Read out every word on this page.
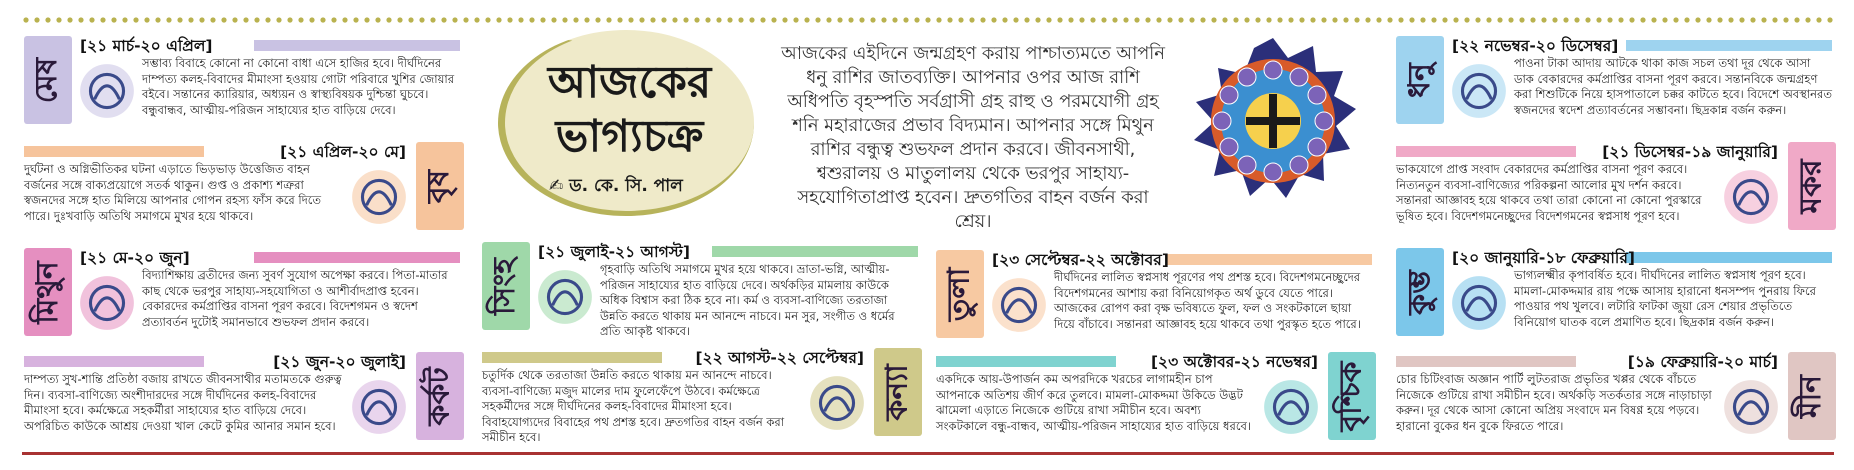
আজকের
ভাগ্যচক্র
✍ ড. কে. সি. পাল
আজকের এইদিনে জন্মগ্রহণ করায় পাশ্চাত্যমতে আপনি ধনু রাশির জাতব্যক্তি। আপনার ওপর আজ রাশি অধিপতি বৃহস্পতি সর্বগ্রাসী গ্রহ রাহু ও পরমযোগী গ্রহ শনি মহারাজের প্রভাব বিদ্যমান। আপনার সঙ্গে মিথুন রাশির বন্ধুত্ব শুভফল প্রদান করবে। জীবনসাথী, শ্বশুরালয় ও মাতুলালয় থেকে ভরপুর সাহায্য-সহযোগিতাপ্রাপ্ত হবেন। দ্রুতগতির বাহন বর্জন করা শ্রেয়।
মেষ
[২১ মার্চ-২০ এপ্রিল]
সম্ভাব্য বিবাহে কোনো না কোনো বাধা এসে হাজির হবে। দীর্ঘদিনের দাম্পত্য কলহ-বিবাদের মীমাংসা হওয়ায় গোটা পরিবারে খুশির জোয়ার বইবে। সন্তানের ক্যারিয়ার, অধ্যয়ন ও স্বাস্থ্যবিষয়ক দুশ্চিন্তা ঘুচবে। বন্ধুবান্ধব, আত্মীয়-পরিজন সাহায্যের হাত বাড়িয়ে দেবে।
বৃষ
[২১ এপ্রিল-২০ মে]
দুর্ঘটনা ও অগ্নিভীতিকর ঘটনা এড়াতে ভিড়ভাড় উত্তেজিত বাহন বর্জনের সঙ্গে বাক্যপ্রয়োগে সতর্ক থাকুন। গুপ্ত ও প্রকাশ্য শত্রুরা স্বজনদের সঙ্গে হাত মিলিয়ে আপনার গোপন রহস্য ফাঁস করে দিতে পারে। দুঃখবাড়ি অতিথি সমাগমে মুখর হয়ে থাকবে।
মিথুন
[২১ মে-২০ জুন]
বিদ্যাশিক্ষায় ব্রতীদের জন্য সুবর্ণ সুযোগ অপেক্ষা করবে। পিতা-মাতার কাছ থেকে ভরপুর সাহায্য-সহযোগিতা ও আশীর্বাদপ্রাপ্ত হবেন। বেকারদের কর্মপ্রাপ্তির বাসনা পূরণ করবে। বিদেশগমন ও স্বদেশ প্রত্যাবর্তন দুটোই সমানভাবে শুভফল প্রদান করবে।
কর্কট
[২১ জুন-২০ জুলাই]
দাম্পত্য সুখ-শান্তি প্রতিষ্ঠা বজায় রাখতে জীবনসাথীর মতামতকে গুরুত্ব দিন। ব্যবসা-বাণিজ্যে অংশীদারদের সঙ্গে দীর্ঘদিনের কলহ-বিবাদের মীমাংসা হবে। কর্মক্ষেত্রে সহকর্মীরা সাহায্যের হাত বাড়িয়ে দেবে। অপরিচিত কাউকে আশ্রয় দেওয়া খাল কেটে কুমির আনার সমান হবে।
সিংহ
[২১ জুলাই-২১ আগস্ট]
গৃহবাড়ি অতিথি সমাগমে মুখর হয়ে থাকবে। ভ্রাতা-ভগ্নি, আত্মীয়-পরিজন সাহায্যের হাত বাড়িয়ে দেবে। অর্থকড়ির মামলায় কাউকে অধিক বিশ্বাস করা ঠিক হবে না। কর্ম ও ব্যবসা-বাণিজ্যে তরতাজা উন্নতি করতে থাকায় মন আনন্দে নাচবে। মন সুর, সংগীত ও ধর্মের প্রতি আকৃষ্ট থাকবে।
কন্যা
[২২ আগস্ট-২২ সেপ্টেম্বর]
চতুর্দিক থেকে তরতাজা উন্নতি করতে থাকায় মন আনন্দে নাচবে। ব্যবসা-বাণিজ্যে মজুদ মালের দাম ফুলেফেঁপে উঠবে। কর্মক্ষেত্রে সহকর্মীদের সঙ্গে দীর্ঘদিনের কলহ-বিবাদের মীমাংসা হবে। বিবাহযোগ্যদের বিবাহের পথ প্রশস্ত হবে। দ্রুতগতির বাহন বর্জন করা সমীচীন হবে।
তুলা
[২৩ সেপ্টেম্বর-২২ অক্টোবর]
দীর্ঘদিনের লালিত স্বপ্নসাধ পূরণের পথ প্রশস্ত হবে। বিদেশগমনেচ্ছুদের বিদেশগমনের আশায় করা বিনিয়োগকৃত অর্থ ডুবে যেতে পারে। আজকের রোপণ করা বৃক্ষ ভবিষ্যতে ফুল, ফল ও সংকটকালে ছায়া দিয়ে বাঁচাবে। সন্তানরা আজ্ঞাবহ হয়ে থাকবে তথা পুরস্কৃত হতে পারে।
বৃশ্চিক
[২৩ অক্টোবর-২১ নভেম্বর]
একদিকে আয়-উপার্জন কম অপরদিকে খরচের লাগামহীন চাপ আপনাকে অতিশয় জীর্ণ করে তুলবে। মামলা-মোকদ্দমা উকিডে উদ্ভট ঝামেলা এড়াতে নিজেকে গুটিয়ে রাখা সমীচীন হবে। অবশ্য সংকটকালে বন্ধু-বান্ধব, আত্মীয়-পরিজন সাহায্যের হাত বাড়িয়ে ধরবে।
ধনু
[২২ নভেম্বর-২০ ডিসেম্বর]
পাওনা টাকা আদায় আটকে থাকা কাজ সচল তথা দূর থেকে আসা ডাক বেকারদের কর্মপ্রাপ্তির বাসনা পূরণ করবে। সন্তানবিকে জন্মগ্রহণ করা শিশুটিকে নিয়ে হাসপাতালে চক্কর কাটতে হবে। বিদেশে অবস্থানরত স্বজনদের স্বদেশ প্রত্যাবর্তনের সম্ভাবনা। ছিদ্রকান্ন বর্জন করুন।
মকর
[২১ ডিসেম্বর-১৯ জানুয়ারি]
ভাকযোগে প্রাপ্ত সংবাদ বেকারদের কর্মপ্রাপ্তির বাসনা পূরণ করবে। নিত্যনতুন ব্যবসা-বাণিজ্যের পরিকল্পনা আলোর মুখ দর্শন করবে। সন্তানরা আজ্ঞাবহ হয়ে থাকবে তথা তারা কোনো না কোনো পুরস্কারে ভূষিত হবে। বিদেশগমনেচ্ছুদের বিদেশগমনের স্বপ্নসাধ পূরণ হবে।
কুম্ভ
[২০ জানুয়ারি-১৮ ফেব্রুয়ারি]
ভাগ্যলক্ষ্মীর কৃপাবর্ষিত হবে। দীর্ঘদিনের লালিত স্বপ্নসাধ পূরণ হবে। মামলা-মোকদ্দমার রায় পক্ষে আসায় হারানো ধনসম্পদ পুনরায় ফিরে পাওয়ার পথ খুলবে। লটারি ফাটকা জুয়া রেস শেয়ার প্রভৃতিতে বিনিয়োগ ঘাতক বলে প্রমাণিত হবে। ছিদ্রকান্ন বর্জন করুন।
মীন
[১৯ ফেব্রুয়ারি-২০ মার্চ]
চোর চিটিংবাজ অজ্ঞান পার্টি লুটতরাজ প্রভৃতির খপ্পর থেকে বাঁচতে নিজেকে গুটিয়ে রাখা সমীচীন হবে। অর্থকড়ি সতর্কতার সঙ্গে নাড়াচাড়া করুন। দূর থেকে আসা কোনো অপ্রিয় সংবাদে মন বিষণ্ণ হয়ে পড়বে। হারানো বুকের ধন বুকে ফিরতে পারে।
